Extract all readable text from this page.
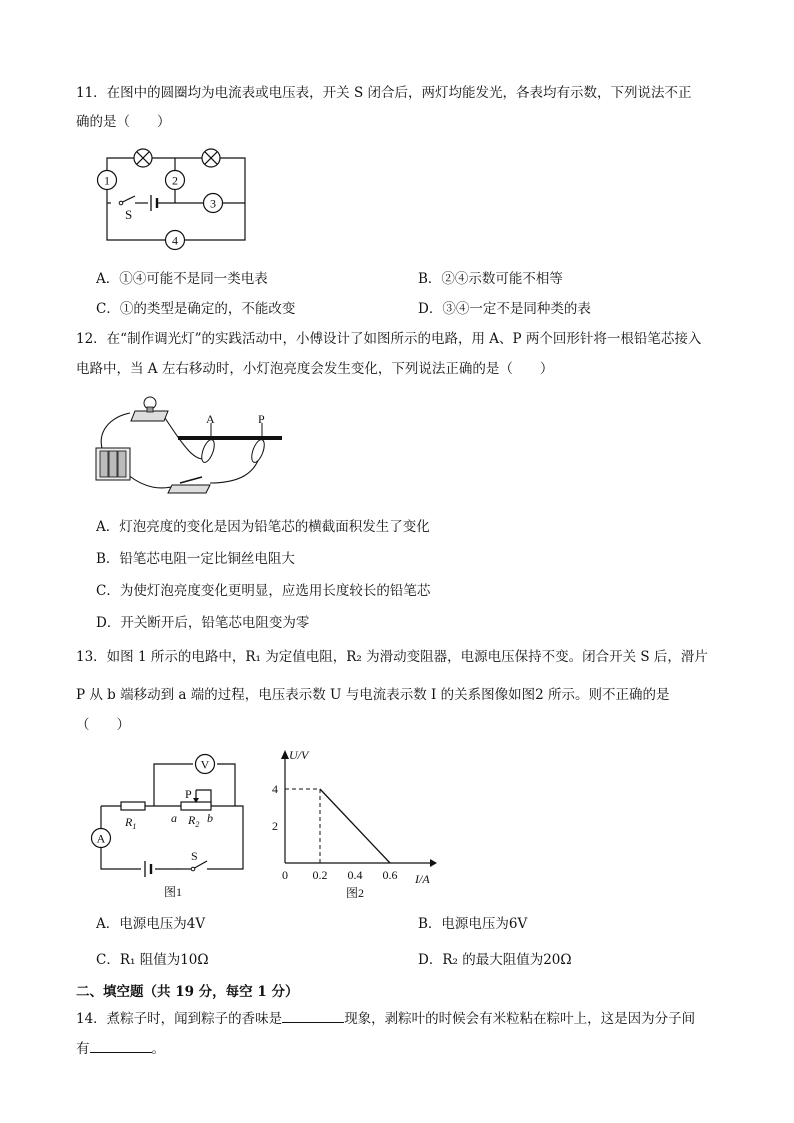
11．在图中的圆圈均为电流表或电压表，开关 S 闭合后，两灯均能发光，各表均有示数，下列说法不正
确的是（　　）
S
1	2
3
4
A．①④可能不是同一类电表	B．②④示数可能不相等
C．①的类型是确定的，不能改变	D．③④一定不是同种类的表
12．在“制作调光灯”的实践活动中，小傅设计了如图所示的电路，用 A、P 两个回形针将一根铅笔芯接入
电路中，当 A 左右移动时，小灯泡亮度会发生变化，下列说法正确的是（　　）
A	P
A．灯泡亮度的变化是因为铅笔芯的横截面积发生了变化
B．铅笔芯电阻一定比铜丝电阻大
C．为使灯泡亮度变化更明显，应选用长度较长的铅笔芯
D．开关断开后，铅笔芯电阻变为零
13．如图 1 所示的电路中，R₁ 为定值电阻，R₂ 为滑动变阻器，电源电压保持不变。闭合开关 S 后，滑片
P 从 b 端移动到 a 端的过程，电压表示数 U 与电流表示数 I 的关系图像如图2 所示。则不正确的是
（　　）
V
A
S
$R_1$
a $R_2$ b
P
图1
U/V
I/A
0 0.2 0.4 0.6
2
4
图2
A．电源电压为4V	B．电源电压为6V
C．R₁ 阻值为10Ω	D．R₂ 的最大阻值为20Ω
二、填空题（共 19 分，每空 1 分）
14．煮粽子时，闻到粽子的香味是	现象，剥粽叶的时候会有米粒粘在粽叶上，这是因为分子间
有	。
